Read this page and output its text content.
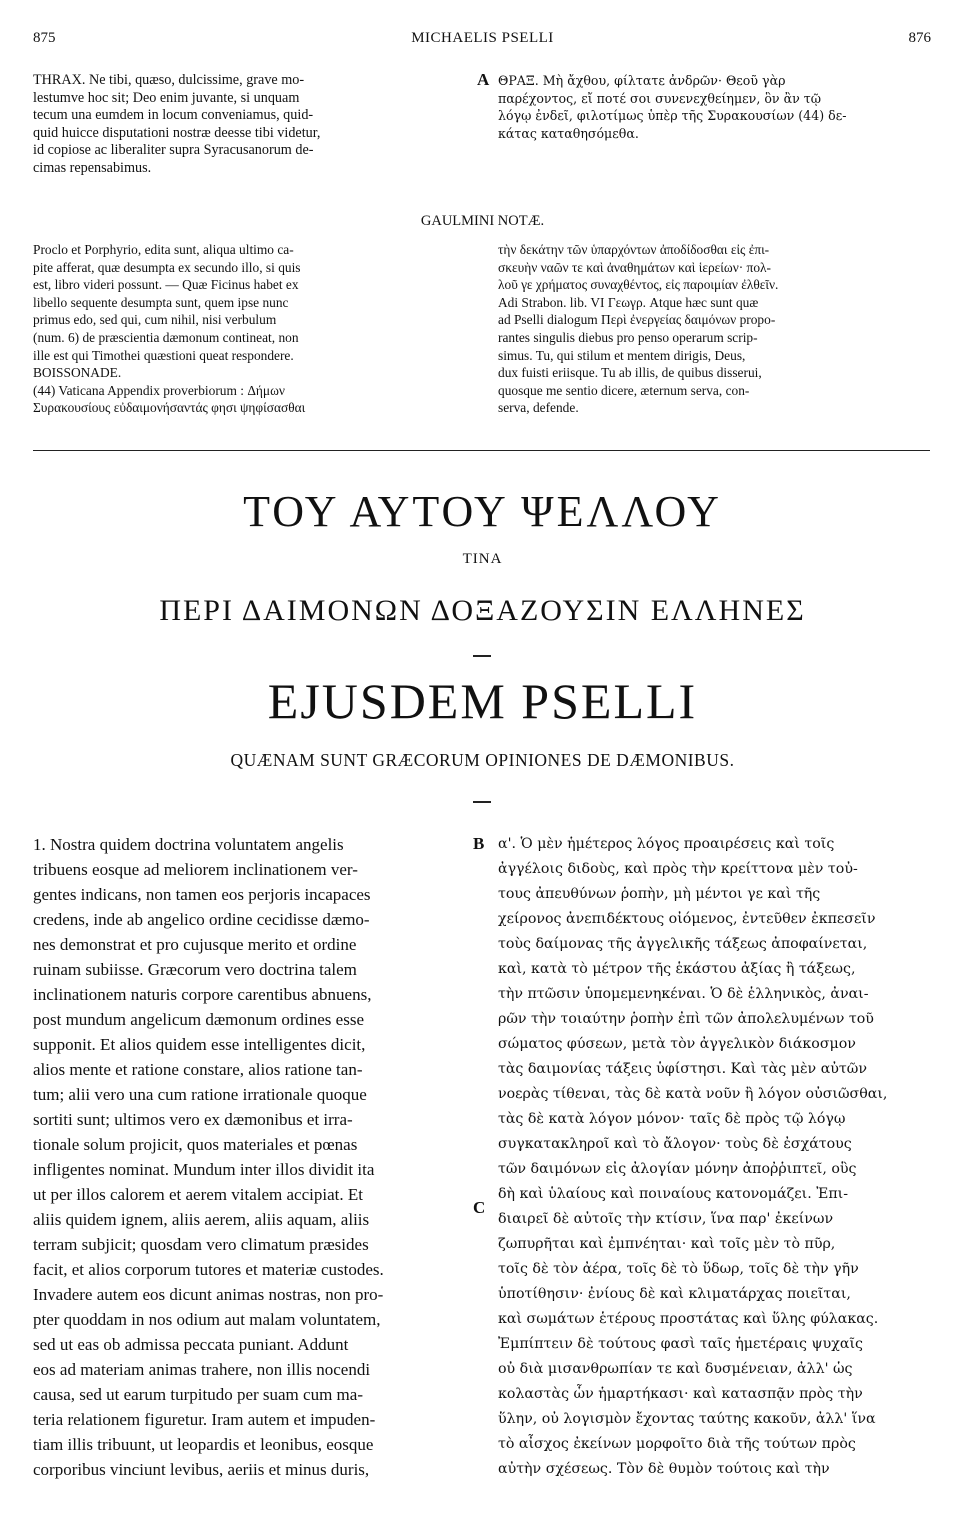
875	MICHAELIS PSELLI	876
THRAX. Ne tibi, quæso, dulcissime, grave mo-
lestumve hoc sit; Deo enim juvante, si unquam
tecum una eumdem in locum conveniamus, quid-
quid huicce disputationi nostræ deesse tibi videtur,
id copiose ac liberaliter supra Syracusanorum de-
cimas repensabimus.
A ΘΡΑΞ. Μὴ ἄχθου, φίλτατε ἀνδρῶν· Θεοῦ γὰρ
παρέχοντος, εἴ ποτέ σοι συνενεχθείημεν, ὃν ἂν τῷ
λόγῳ ἐνδεῖ, φιλοτίμως ὑπὲρ τῆς Συρακουσίων (44) δε-
κάτας καταθησόμεθα.
GAULMINI NOTÆ.
Proclo et Porphyrio, edita sunt, aliqua ultimo ca-
pite afferat, quæ desumpta ex secundo illo, si quis
est, libro videri possunt. — Quæ Ficinus habet ex
libello sequente desumpta sunt, quem ipse nunc
primus edo, sed qui, cum nihil, nisi verbulum
(num. 6) de præscientia dæmonum contineat, non
ille est qui Timothei quæstioni queat respondere.
BOISSONADE.
(44) Vaticana Appendix proverbiorum : Δήμων
Συρακουσίους εὐδαιμονήσαντάς φησι ψηφίσασθαι
τὴν δεκάτην τῶν ὑπαρχόντων ἀποδίδοσθαι εἰς ἐπι-
σκευὴν ναῶν τε καὶ ἀναθημάτων καὶ ἱερείων· πολ-
λοῦ γε χρήματος συναχθέντος, εἰς παροιμίαν ἐλθεῖν.
Adi Strabon. lib. VI Γεωγρ. Atque hæc sunt quæ
ad Pselli dialogum Περὶ ἐνεργείας δαιμόνων propo-
rantes singulis diebus pro penso operarum scrip-
simus. Tu, qui stilum et mentem dirigis, Deus,
dux fuisti eriisque. Tu ab illis, de quibus disserui,
quosque me sentio dicere, æternum serva, con-
serva, defende.
ΤΟΥ ΑΥΤΟΥ ΨΕΛΛΟΥ
ΤΙΝΑ
ΠΕΡΙ ΔΑΙΜΟΝΩΝ ΔΟΞΑΖΟΥΣΙΝ ΕΛΛΗΝΕΣ
EJUSDEM PSELLI
QUÆNAM SUNT GRÆCORUM OPINIONES DE DÆMONIBUS.
1. Nostra quidem doctrina voluntatem angelis
tribuens eosque ad meliorem inclinationem ver-
gentes indicans, non tamen eos perjoris incapaces
credens, inde ab angelico ordine cecidisse dæmo-
nes demonstrat et pro cujusque merito et ordine
ruinam subiisse. Græcorum vero doctrina talem
inclinationem naturis corpore carentibus abnuens,
post mundum angelicum dæmonum ordines esse
supponit. Et alios quidem esse intelligentes dicit,
alios mente et ratione constare, alios ratione tan-
tum; alii vero una cum ratione irrationale quoque
sortiti sunt; ultimos vero ex dæmonibus et irra-
tionale solum projicit, quos materiales et pœnas
infligentes nominat. Mundum inter illos dividit ita
ut per illos calorem et aerem vitalem accipiat. Et
aliis quidem ignem, aliis aerem, aliis aquam, aliis
terram subjicit; quosdam vero climatum præsides
facit, et alios corporum tutores et materiæ custodes.
Invadere autem eos dicunt animas nostras, non pro-
pter quoddam in nos odium aut malam voluntatem,
sed ut eas ob admissa peccata puniant. Addunt
eos ad materiam animas trahere, non illis nocendi
causa, sed ut earum turpitudo per suam cum ma-
teria relationem figuretur. Iram autem et impuden-
tiam illis tribuunt, ut leopardis et leonibus, eosque
corporibus vinciunt levibus, aeriis et minus duris,
B
C
α'. Ὁ μὲν ἡμέτερος λόγος προαιρέσεις καὶ τοῖς
ἀγγέλοις διδοὺς, καὶ πρὸς τὴν κρείττονα μὲν τοὐ-
τους ἀπευθύνων ῥοπὴν, μὴ μέντοι γε καὶ τῆς
χείρονος ἀνεπιδέκτους οἰόμενος, ἐντεῦθεν ἐκπεσεῖν
τοὺς δαίμονας τῆς ἀγγελικῆς τάξεως ἀποφαίνεται,
καὶ, κατὰ τὸ μέτρον τῆς ἑκάστου ἀξίας ἢ τάξεως,
τὴν πτῶσιν ὑπομεμενηκέναι. Ὁ δὲ ἑλληνικὸς, ἀναι-
ρῶν τὴν τοιαύτην ῥοπὴν ἐπὶ τῶν ἀπολελυμένων τοῦ
σώματος φύσεων, μετὰ τὸν ἀγγελικὸν διάκοσμον
τὰς δαιμονίας τάξεις ὑφίστησι. Καὶ τὰς μὲν αὐτῶν
νοερὰς τίθεναι, τὰς δὲ κατὰ νοῦν ἢ λόγον οὐσιῶσθαι,
τὰς δὲ κατὰ λόγον μόνον· ταῖς δὲ πρὸς τῷ λόγῳ
συγκατακληροῖ καὶ τὸ ἄλογον· τοὺς δὲ ἐσχάτους
τῶν δαιμόνων εἰς ἀλογίαν μόνην ἀποῤῥιπτεῖ, οὓς
δὴ καὶ ὑλαίους καὶ ποιναίους κατονομάζει. Ἐπι-
διαιρεῖ δὲ αὐτοῖς τὴν κτίσιν, ἵνα παρ' ἐκείνων
ζωπυρῆται καὶ ἐμπνέηται· καὶ τοῖς μὲν τὸ πῦρ,
τοῖς δὲ τὸν ἀέρα, τοῖς δὲ τὸ ὕδωρ, τοῖς δὲ τὴν γῆν
ὑποτίθησιν· ἐνίους δὲ καὶ κλιματάρχας ποιεῖται,
καὶ σωμάτων ἑτέρους προστάτας καὶ ὕλης φύλακας.
Ἐμπίπτειν δὲ τούτους φασὶ ταῖς ἡμετέραις ψυχαῖς
οὐ διὰ μισανθρωπίαν τε καὶ δυσμένειαν, ἀλλ' ὡς
κολαστὰς ὧν ἡμαρτήκασι· καὶ κατασπᾷν πρὸς τὴν
ὕλην, οὐ λογισμὸν ἔχοντας ταύτης κακοῦν, ἀλλ' ἵνα
τὸ αἶσχος ἐκείνων μορφοῖτο διὰ τῆς τούτων πρὸς
αὐτὴν σχέσεως. Τὸν δὲ θυμὸν τούτοις καὶ τὴν
